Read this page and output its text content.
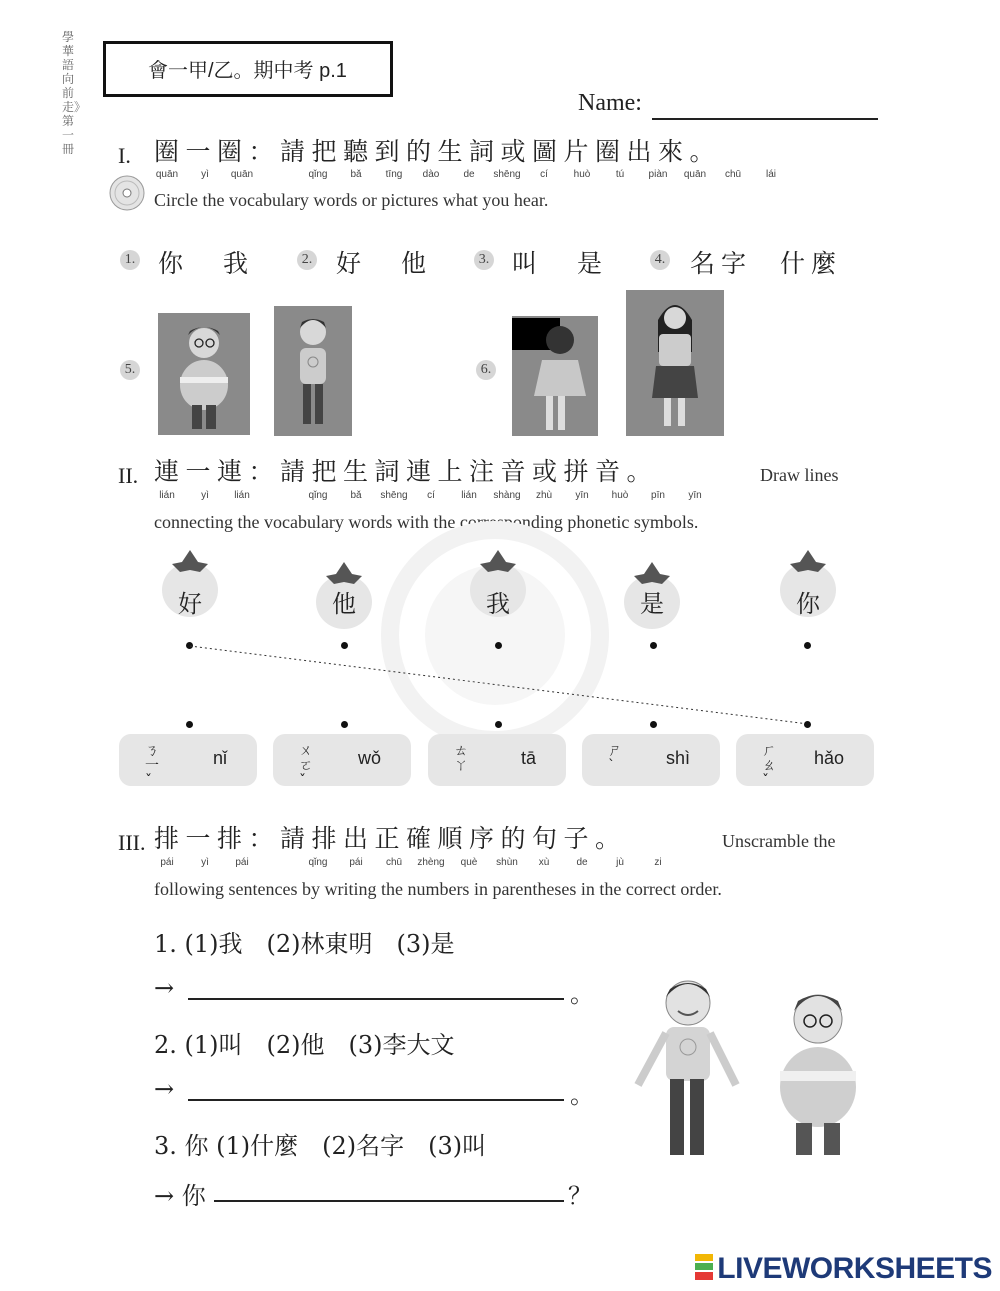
學華語向前走》第一冊
會一甲/乙。期中考 p.1
Name:
I. 圈一圈：請把聽到的生詞或圖片圈出來。
quān yì quān	qǐng bǎ tīng dào de shēng cí	huò	tú piàn quān chū lái
Circle the vocabulary words or pictures what you hear.
1. 你 我	2. 好 他	3. 叫 是	4. 名字 什麼
5.	6.
II. 連一連：請把生詞連上注音或拼音。	Draw lines
lián	yì	lián	qǐng bǎ shēng cí	lián shàng zhù yīn huò pīn yīn
connecting the vocabulary words with the corresponding phonetic symbols.
好	他	我	是	你
ㄋ一ˇ
nǐ	ㄨㄛˇ
wǒ	ㄊㄚ	tā	ㄕˋ	shì	ㄏㄠˇ
hǎo
III. 排一排：請排出正確順序的句子。	Unscramble the
pái	yì	pái	qǐng pái chū zhèng què shùn xù	de	jù	zi
following sentences by writing the numbers in parentheses in the correct order.
1. (1)我　(2)林東明　(3)是
→	。
2. (1)叫　(2)他　(3)李大文
→	。
3. 你 (1)什麼　(2)名字　(3)叫
→ 你	？
LIVEWORKSHEETS
